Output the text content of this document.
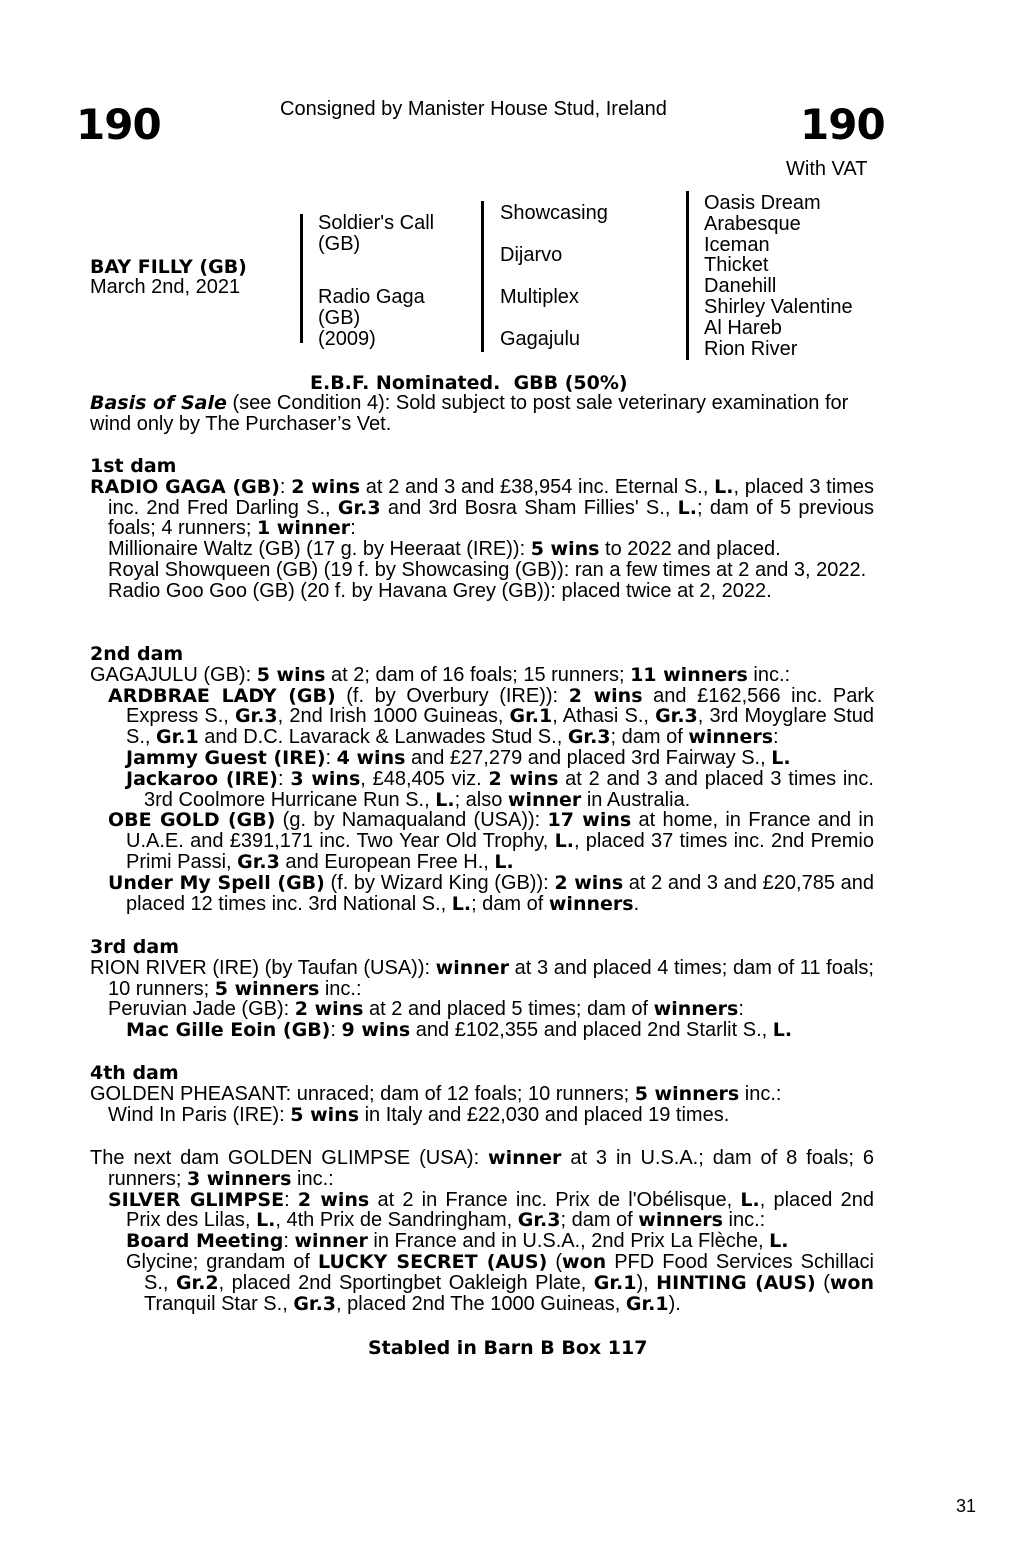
190	Consigned by Manister House Stud, Ireland	190
With VAT
BAY FILLY (GB)
March 2nd, 2021
Soldier's Call
(GB)
Radio Gaga
(GB)
(2009)
Showcasing
Dijarvo
Multiplex
Gagajulu
Oasis Dream
Arabesque
Iceman
Thicket
Danehill
Shirley Valentine
Al Hareb
Rion River
E.B.F. Nominated. GBB (50%)
Basis of Sale (see Condition 4): Sold subject to post sale veterinary examination for wind only by The Purchaser’s Vet.
1st dam
RADIO GAGA (GB): 2 wins at 2 and 3 and £38,954 inc. Eternal S., L., placed 3 times inc. 2nd Fred Darling S., Gr.3 and 3rd Bosra Sham Fillies' S., L.; dam of 5 previous foals; 4 runners; 1 winner:
Millionaire Waltz (GB) (17 g. by Heeraat (IRE)): 5 wins to 2022 and placed.
Royal Showqueen (GB) (19 f. by Showcasing (GB)): ran a few times at 2 and 3, 2022.
Radio Goo Goo (GB) (20 f. by Havana Grey (GB)): placed twice at 2, 2022.
2nd dam
GAGAJULU (GB): 5 wins at 2; dam of 16 foals; 15 runners; 11 winners inc.:
ARDBRAE LADY (GB) (f. by Overbury (IRE)): 2 wins and £162,566 inc. Park Express S., Gr.3, 2nd Irish 1000 Guineas, Gr.1, Athasi S., Gr.3, 3rd Moyglare Stud S., Gr.1 and D.C. Lavarack & Lanwades Stud S., Gr.3; dam of winners:
Jammy Guest (IRE): 4 wins and £27,279 and placed 3rd Fairway S., L.
Jackaroo (IRE): 3 wins, £48,405 viz. 2 wins at 2 and 3 and placed 3 times inc. 3rd Coolmore Hurricane Run S., L.; also winner in Australia.
OBE GOLD (GB) (g. by Namaqualand (USA)): 17 wins at home, in France and in U.A.E. and £391,171 inc. Two Year Old Trophy, L., placed 37 times inc. 2nd Premio Primi Passi, Gr.3 and European Free H., L.
Under My Spell (GB) (f. by Wizard King (GB)): 2 wins at 2 and 3 and £20,785 and placed 12 times inc. 3rd National S., L.; dam of winners.
3rd dam
RION RIVER (IRE) (by Taufan (USA)): winner at 3 and placed 4 times; dam of 11 foals; 10 runners; 5 winners inc.:
Peruvian Jade (GB): 2 wins at 2 and placed 5 times; dam of winners:
Mac Gille Eoin (GB): 9 wins and £102,355 and placed 2nd Starlit S., L.
4th dam
GOLDEN PHEASANT: unraced; dam of 12 foals; 10 runners; 5 winners inc.:
Wind In Paris (IRE): 5 wins in Italy and £22,030 and placed 19 times.
The next dam GOLDEN GLIMPSE (USA): winner at 3 in U.S.A.; dam of 8 foals; 6 runners; 3 winners inc.:
SILVER GLIMPSE: 2 wins at 2 in France inc. Prix de l'Obélisque, L., placed 2nd Prix des Lilas, L., 4th Prix de Sandringham, Gr.3; dam of winners inc.:
Board Meeting: winner in France and in U.S.A., 2nd Prix La Flèche, L.
Glycine; grandam of LUCKY SECRET (AUS) (won PFD Food Services Schillaci S., Gr.2, placed 2nd Sportingbet Oakleigh Plate, Gr.1), HINTING (AUS) (won Tranquil Star S., Gr.3, placed 2nd The 1000 Guineas, Gr.1).
Stabled in Barn B Box 117
31
